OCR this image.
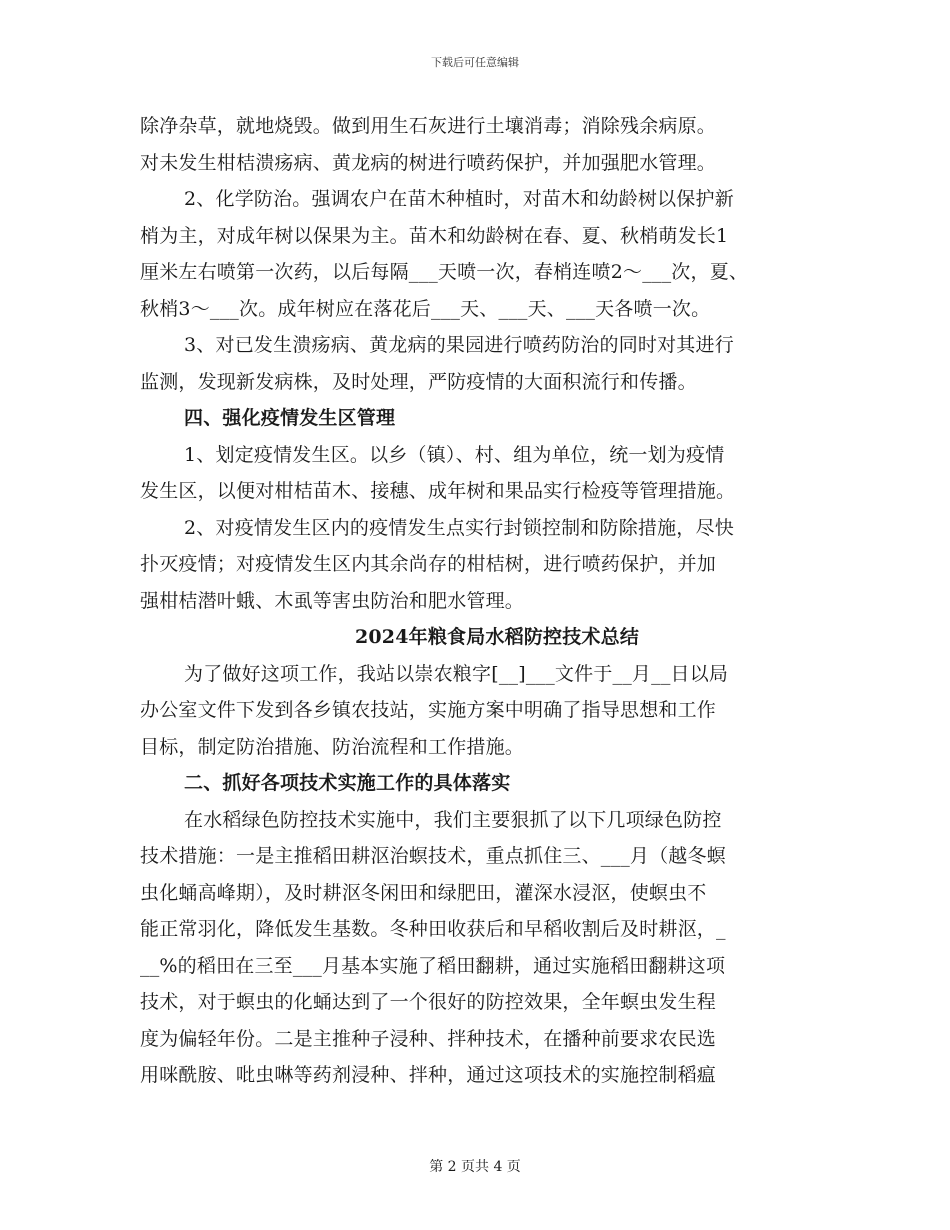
下载后可任意编辑
除净杂草，就地烧毁。做到用生石灰进行土壤消毒；消除残余病原。
对未发生柑桔溃疡病、黄龙病的树进行喷药保护，并加强肥水管理。
2、化学防治。强调农户在苗木种植时，对苗木和幼龄树以保护新
梢为主，对成年树以保果为主。苗木和幼龄树在春、夏、秋梢萌发长1
厘米左右喷第一次药，以后每隔___天喷一次，春梢连喷2～___次，夏、
秋梢3～___次。成年树应在落花后___天、___天、___天各喷一次。
3、对已发生溃疡病、黄龙病的果园进行喷药防治的同时对其进行
监测，发现新发病株，及时处理，严防疫情的大面积流行和传播。
四、强化疫情发生区管理
1、划定疫情发生区。以乡（镇）、村、组为单位，统一划为疫情
发生区，以便对柑桔苗木、接穗、成年树和果品实行检疫等管理措施。
2、对疫情发生区内的疫情发生点实行封锁控制和防除措施，尽快
扑灭疫情；对疫情发生区内其余尚存的柑桔树，进行喷药保护，并加
强柑桔潜叶蛾、木虱等害虫防治和肥水管理。
2024年粮食局水稻防控技术总结
为了做好这项工作，我站以崇农粮字[__]___文件于__月__日以局
办公室文件下发到各乡镇农技站，实施方案中明确了指导思想和工作
目标，制定防治措施、防治流程和工作措施。
二、抓好各项技术实施工作的具体落实
在水稻绿色防控技术实施中，我们主要狠抓了以下几项绿色防控
技术措施：一是主推稻田耕沤治螟技术，重点抓住三、___月（越冬螟
虫化蛹高峰期），及时耕沤冬闲田和绿肥田，灌深水浸沤，使螟虫不
能正常羽化，降低发生基数。冬种田收获后和早稻收割后及时耕沤，_
__%的稻田在三至___月基本实施了稻田翻耕，通过实施稻田翻耕这项
技术，对于螟虫的化蛹达到了一个很好的防控效果，全年螟虫发生程
度为偏轻年份。二是主推种子浸种、拌种技术，在播种前要求农民选
用咪酰胺、吡虫啉等药剂浸种、拌种，通过这项技术的实施控制稻瘟
第 2 页共 4 页
